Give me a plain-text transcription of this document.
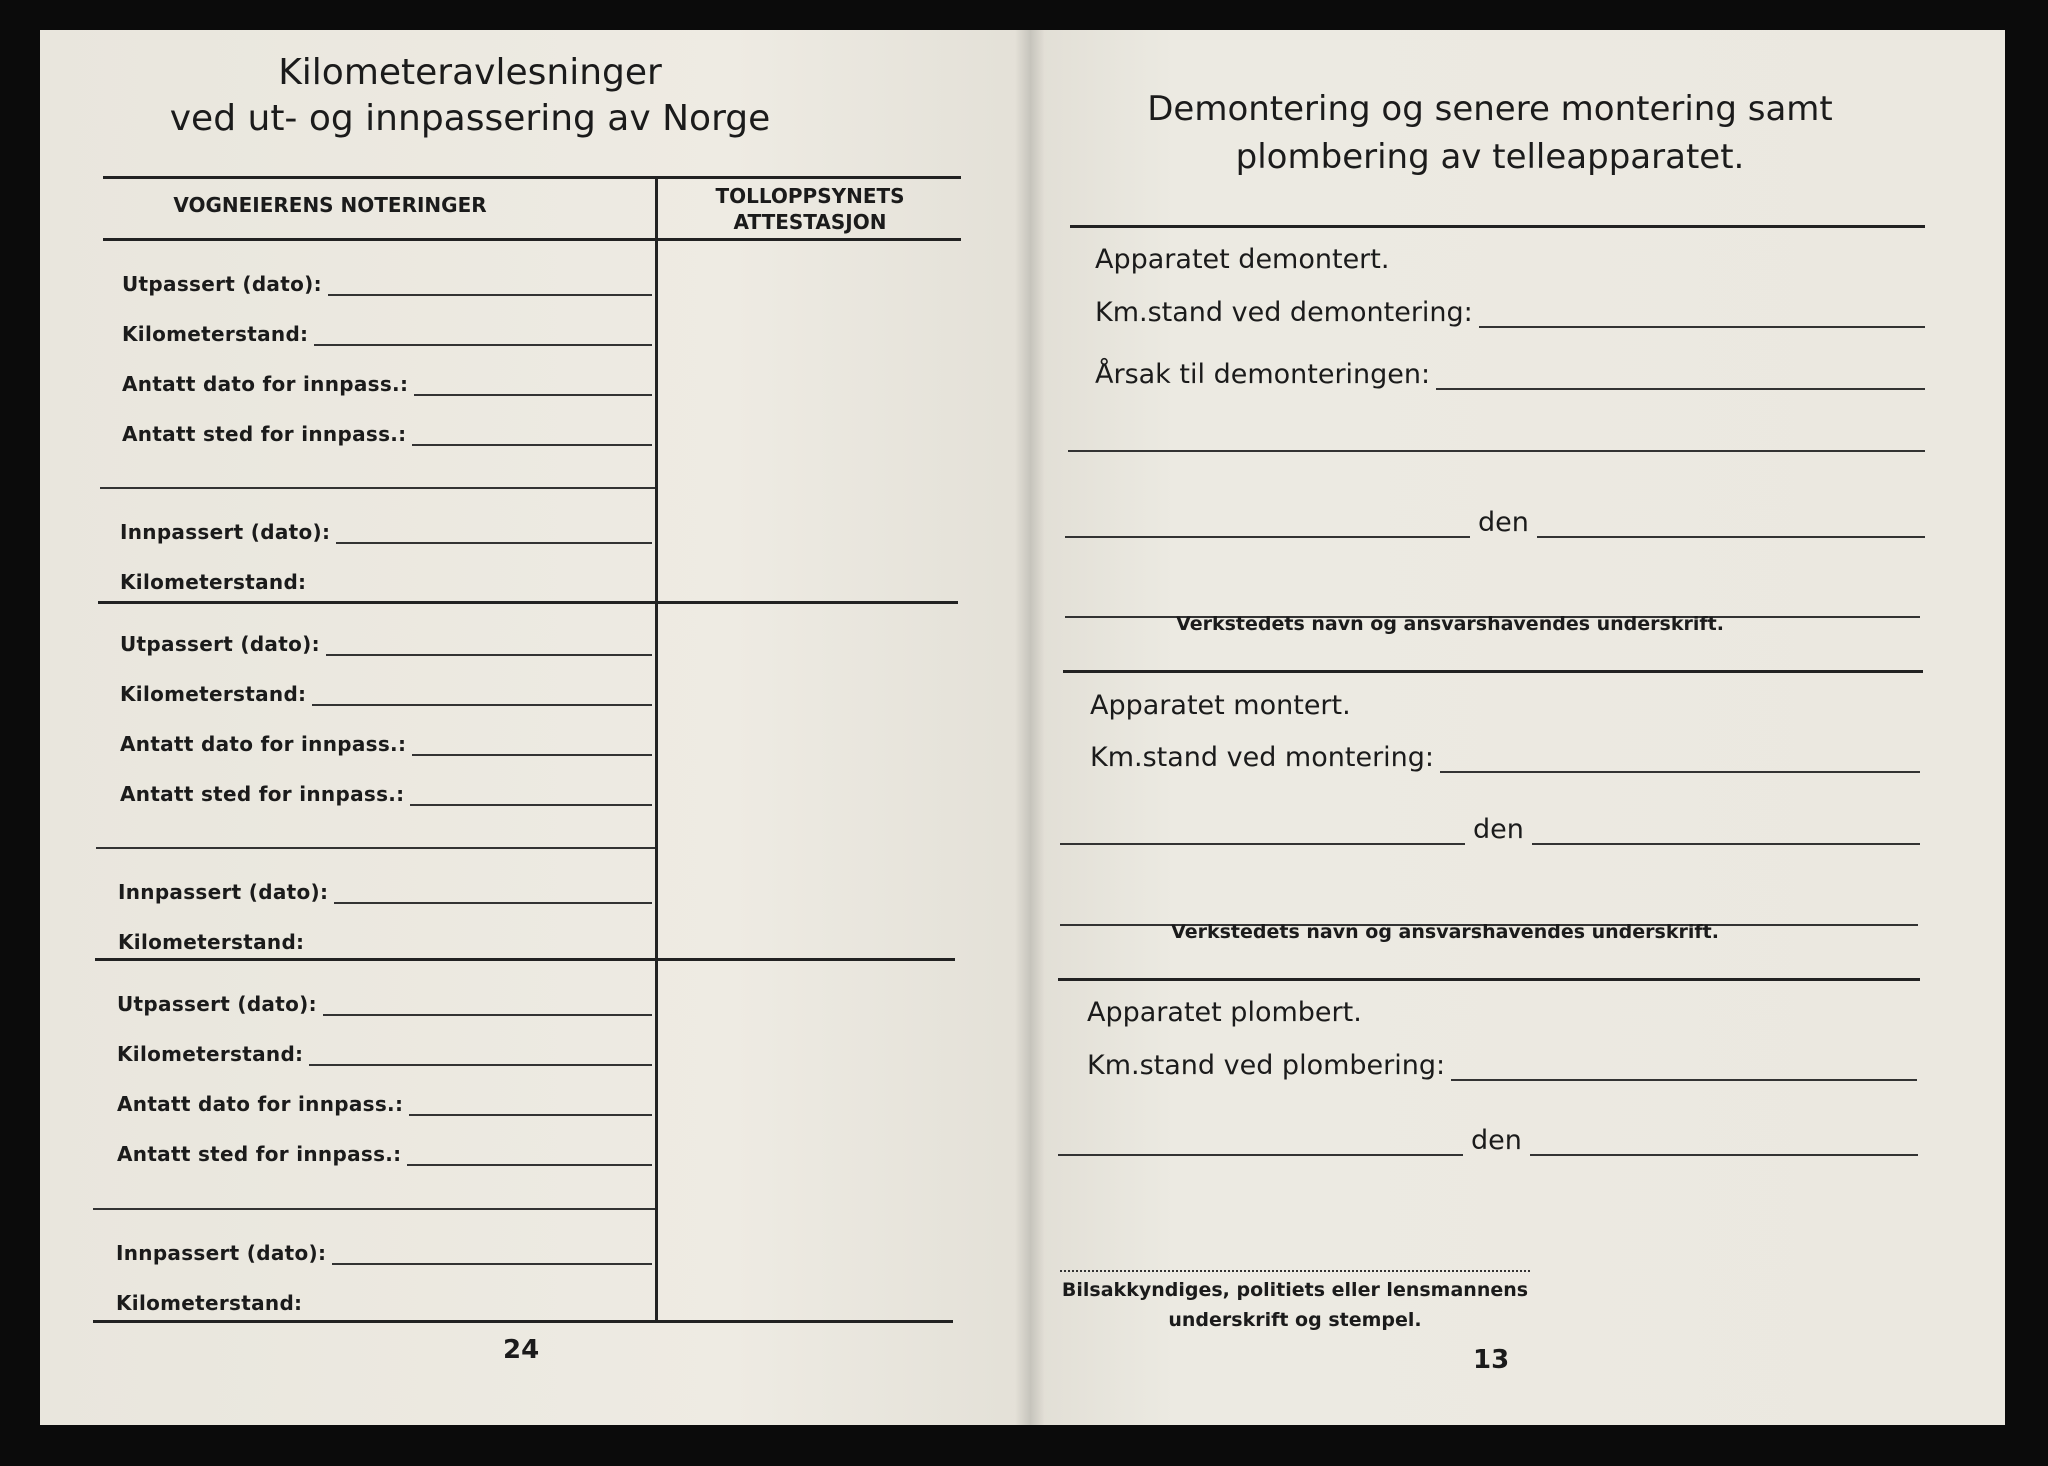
Kilometeravlesninger
ved ut- og innpassering av Norge
VOGNEIERENS NOTERINGER	TOLLOPPSYNETS
ATTESTASJON
Utpassert (dato):
Kilometerstand:
Antatt dato for innpass.:
Antatt sted for innpass.:
Innpassert (dato):
Kilometerstand:
Utpassert (dato):
Kilometerstand:
Antatt dato for innpass.:
Antatt sted for innpass.:
Innpassert (dato):
Kilometerstand:
Utpassert (dato):
Kilometerstand:
Antatt dato for innpass.:
Antatt sted for innpass.:
Innpassert (dato):
Kilometerstand:
24
Demontering og senere montering samt
plombering av telleapparatet.
Apparatet demontert.
Km.stand ved demontering:
Årsak til demonteringen:
den
Verkstedets navn og ansvarshavendes underskrift.
Apparatet montert.
Km.stand ved montering:
den
Verkstedets navn og ansvarshavendes underskrift.
Apparatet plombert.
Km.stand ved plombering:
den
Bilsakkyndiges, politiets eller lensmannens
underskrift og stempel.
13
